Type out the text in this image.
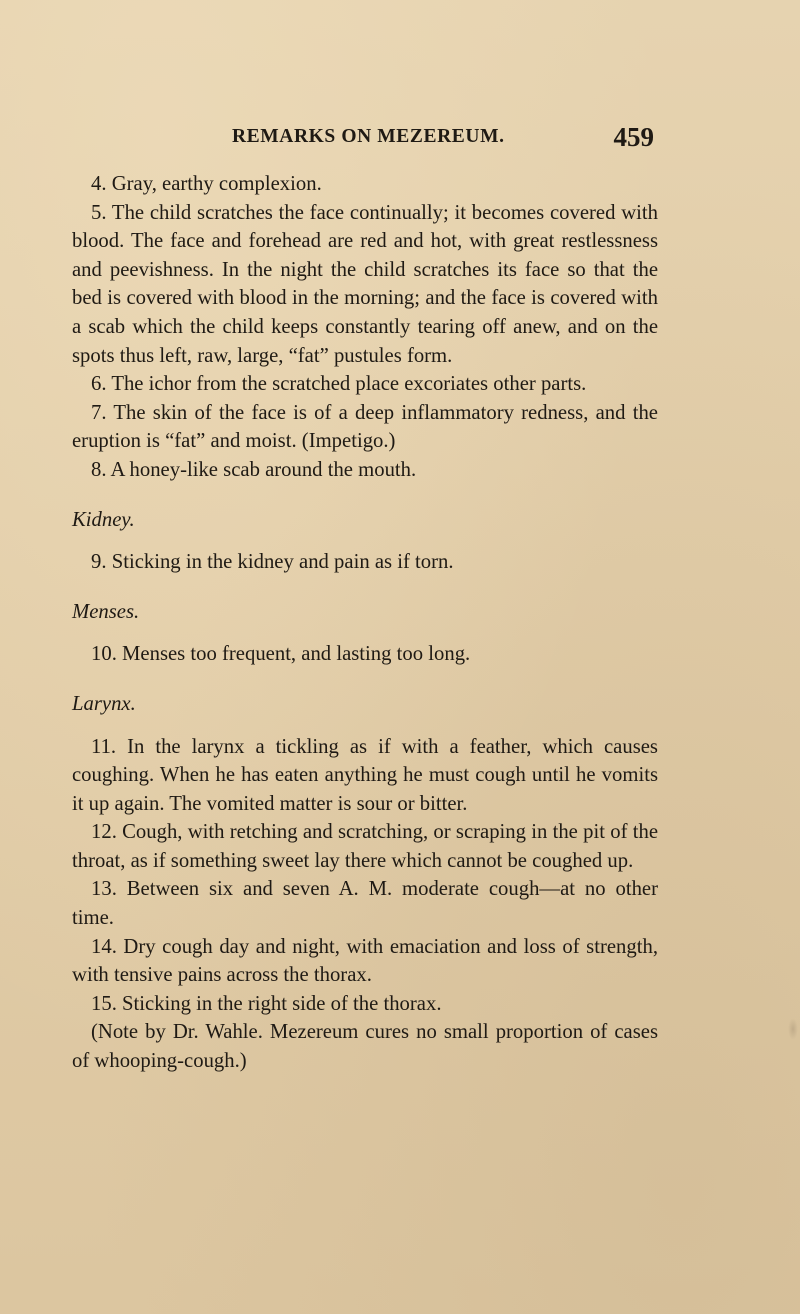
REMARKS ON MEZEREUM.	459

4. Gray, earthy complexion.

5. The child scratches the face continually; it becomes covered with blood. The face and forehead are red and hot, with great restlessness and peevishness. In the night the child scratches its face so that the bed is covered with blood in the morning; and the face is covered with a scab which the child keeps constantly tearing off anew, and on the spots thus left, raw, large, “fat” pustules form.

6. The ichor from the scratched place excoriates other parts.

7. The skin of the face is of a deep inflammatory redness, and the eruption is “fat” and moist. (Impetigo.)

8. A honey-like scab around the mouth.

Kidney.

9. Sticking in the kidney and pain as if torn.

Menses.

10. Menses too frequent, and lasting too long.

Larynx.

11. In the larynx a tickling as if with a feather, which causes coughing. When he has eaten anything he must cough until he vomits it up again. The vomited matter is sour or bitter.

12. Cough, with retching and scratching, or scraping in the pit of the throat, as if something sweet lay there which cannot be coughed up.

13. Between six and seven A. M. moderate cough—at no other time.

14. Dry cough day and night, with emaciation and loss of strength, with tensive pains across the thorax.

15. Sticking in the right side of the thorax.

(Note by Dr. Wahle. Mezereum cures no small proportion of cases of whooping-cough.)
